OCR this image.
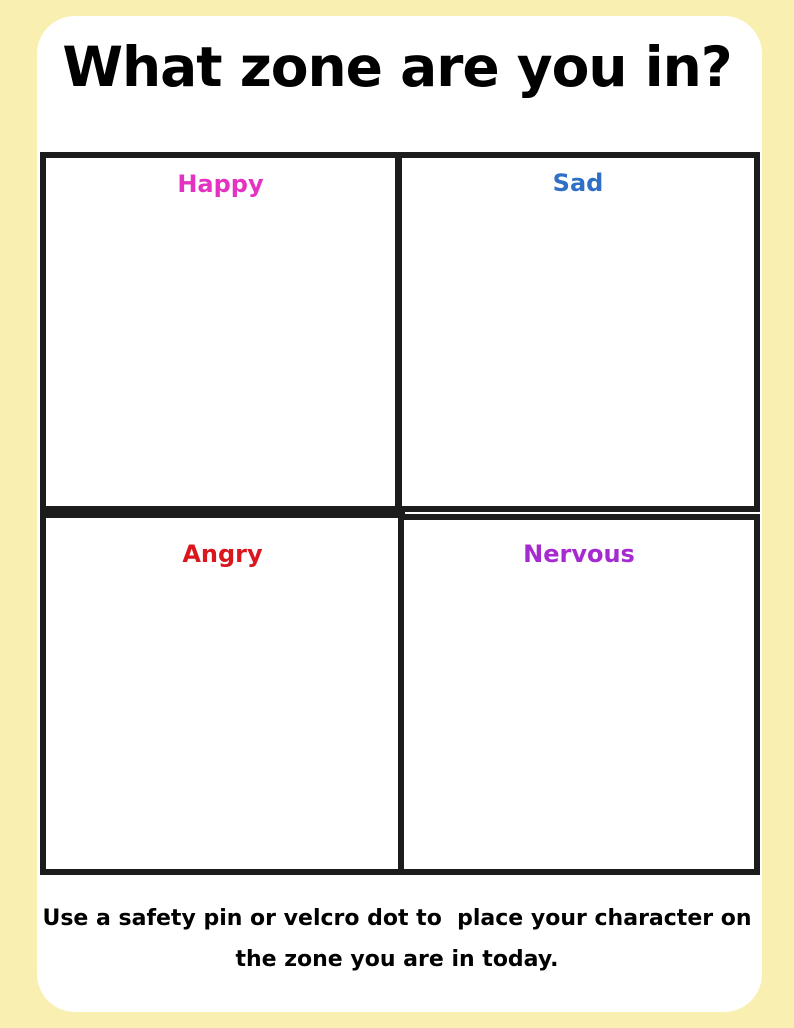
What zone are you in?
Happy	Sad
Angry	Nervous

Use a safety pin or velcro dot to  place your character on
the zone you are in today.
